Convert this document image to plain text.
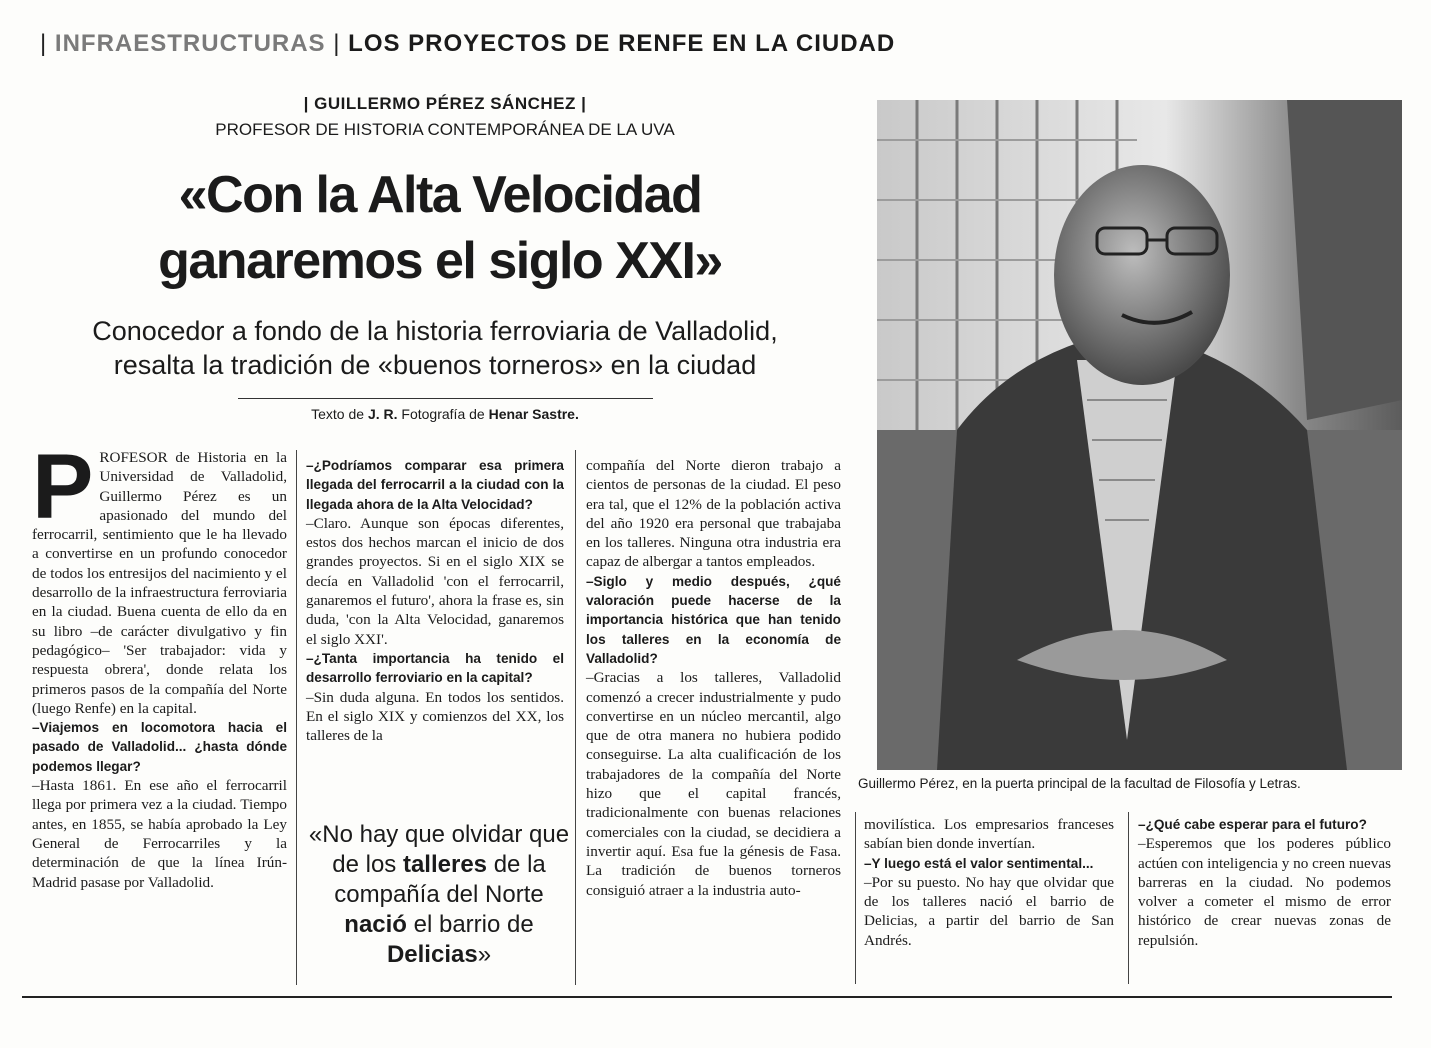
| INFRAESTRUCTURAS | LOS PROYECTOS DE RENFE EN LA CIUDAD
| GUILLERMO PÉREZ SÁNCHEZ |
PROFESOR DE HISTORIA CONTEMPORÁNEA DE LA UVA
«Con la Alta Velocidad
ganaremos el siglo XXI»
Conocedor a fondo de la historia ferroviaria de Valladolid,
resalta la tradición de «buenos torneros» en la ciudad
Texto de J. R. Fotografía de Henar Sastre.
P ROFESOR de Historia en la Universidad de Valladolid, Guillermo Pérez es un apasionado del mundo del ferrocarril, sentimiento que le ha llevado a convertirse en un profundo conocedor de todos los entresijos del nacimiento y el desarrollo de la infraestructura ferroviaria en la ciudad. Buena cuenta de ello da en su libro –de carácter divulgativo y fin pedagógico– 'Ser trabajador: vida y respuesta obrera', donde relata los primeros pasos de la compañía del Norte (luego Renfe) en la capital.

–Viajemos en locomotora hacia el pasado de Valladolid... ¿hasta dónde podemos llegar?

–Hasta 1861. En ese año el ferrocarril llega por primera vez a la ciudad. Tiempo antes, en 1855, se había aprobado la Ley General de Ferrocarriles y la determinación de que la línea Irún-Madrid pasase por Valladolid.

–¿Podríamos comparar esa primera llegada del ferrocarril a la ciudad con la llegada ahora de la Alta Velocidad?

–Claro. Aunque son épocas diferentes, estos dos hechos marcan el inicio de dos grandes proyectos. Si en el siglo XIX se decía en Valladolid 'con el ferrocarril, ganaremos el futuro', ahora la frase es, sin duda, 'con la Alta Velocidad, ganaremos el siglo XXI'.

–¿Tanta importancia ha tenido el desarrollo ferroviario en la capital?

–Sin duda alguna. En todos los sentidos. En el siglo XIX y comienzos del XX, los talleres de la

«No hay que olvidar que de los talleres de la compañía del Norte nació el barrio de Delicias»

compañía del Norte dieron trabajo a cientos de personas de la ciudad. El peso era tal, que el 12% de la población activa del año 1920 era personal que trabajaba en los talleres. Ninguna otra industria era capaz de albergar a tantos empleados.

–Siglo y medio después, ¿qué valoración puede hacerse de la importancia histórica que han tenido los talleres en la economía de Valladolid?

–Gracias a los talleres, Valladolid comenzó a crecer industrialmente y pudo convertirse en un núcleo mercantil, algo que de otra manera no hubiera podido conseguirse. La alta cualificación de los trabajadores de la compañía del Norte hizo que el capital francés, tradicionalmente con buenas relaciones comerciales con la ciudad, se decidiera a invertir aquí. Esa fue la génesis de Fasa. La tradición de buenos torneros consiguió atraer a la industria auto-

Guillermo Pérez, en la puerta principal de la facultad de Filosofía y Letras.

movilística. Los empresarios franceses sabían bien donde invertían.

–Y luego está el valor sentimental...

–Por su puesto. No hay que olvidar que de los talleres nació el barrio de Delicias, a partir del barrio de San Andrés.

–¿Qué cabe esperar para el futuro?

–Esperemos que los poderes público actúen con inteligencia y no creen nuevas barreras en la ciudad. No podemos volver a cometer el mismo de error histórico de crear nuevas zonas de repulsión.
